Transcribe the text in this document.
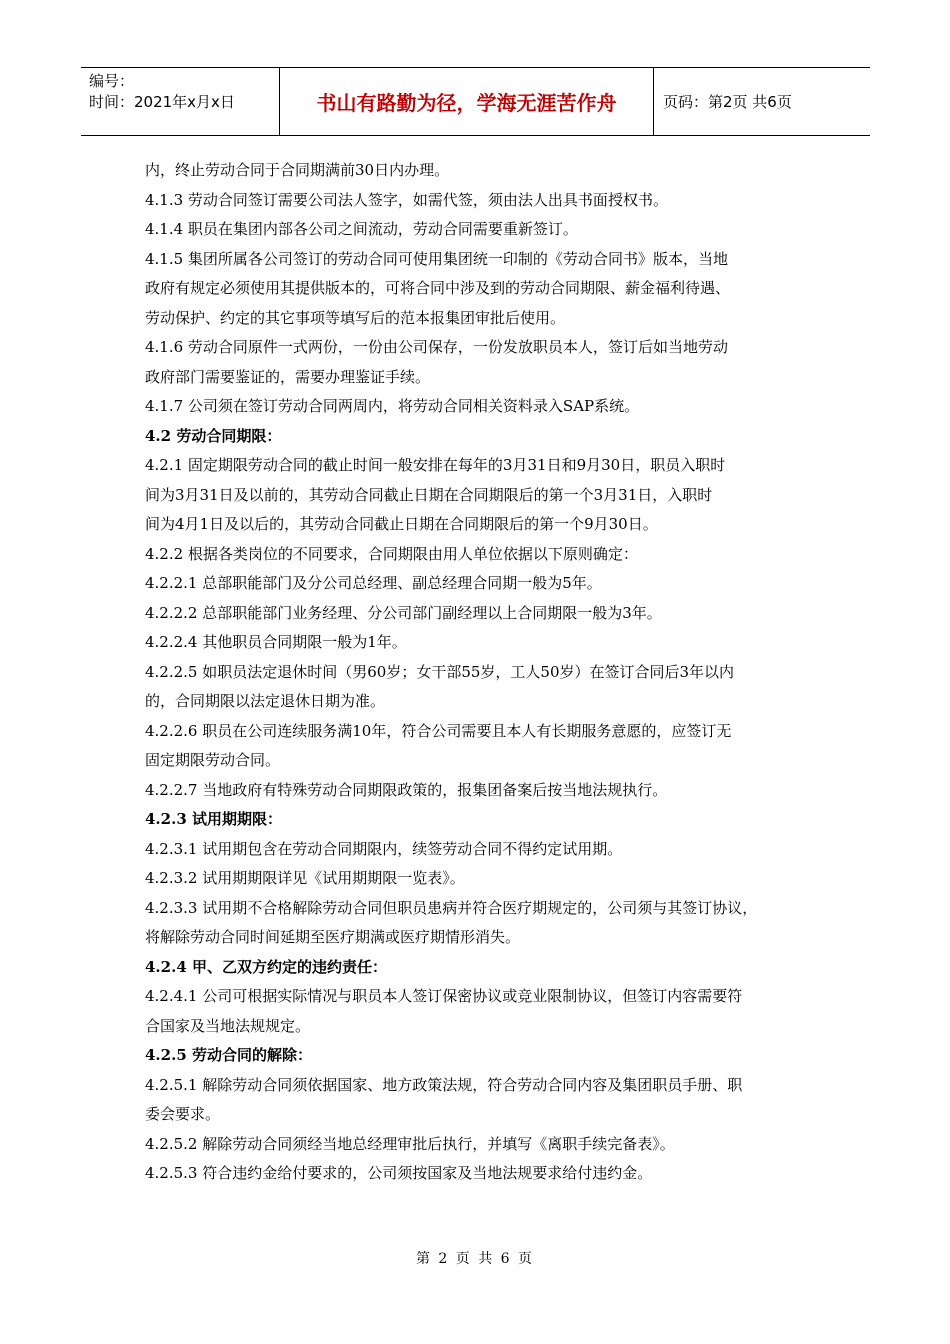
编号：
时间：2021年x月x日	书山有路勤为径，学海无涯苦作舟	页码：第2页 共6页
内，终止劳动合同于合同期满前30日内办理。
4.1.3 劳动合同签订需要公司法人签字，如需代签，须由法人出具书面授权书。
4.1.4 职员在集团内部各公司之间流动，劳动合同需要重新签订。
4.1.5 集团所属各公司签订的劳动合同可使用集团统一印制的《劳动合同书》版本，当地
政府有规定必须使用其提供版本的，可将合同中涉及到的劳动合同期限、薪金福利待遇、
劳动保护、约定的其它事项等填写后的范本报集团审批后使用。
4.1.6 劳动合同原件一式两份，一份由公司保存，一份发放职员本人，签订后如当地劳动
政府部门需要鉴证的，需要办理鉴证手续。
4.1.7 公司须在签订劳动合同两周内，将劳动合同相关资料录入SAP系统。
4.2 劳动合同期限：
4.2.1 固定期限劳动合同的截止时间一般安排在每年的3月31日和9月30日，职员入职时
间为3月31日及以前的，其劳动合同截止日期在合同期限后的第一个3月31日，入职时
间为4月1日及以后的，其劳动合同截止日期在合同期限后的第一个9月30日。
4.2.2 根据各类岗位的不同要求，合同期限由用人单位依据以下原则确定：
4.2.2.1 总部职能部门及分公司总经理、副总经理合同期一般为5年。
4.2.2.2 总部职能部门业务经理、分公司部门副经理以上合同期限一般为3年。
4.2.2.4 其他职员合同期限一般为1年。
4.2.2.5 如职员法定退休时间（男60岁；女干部55岁，工人50岁）在签订合同后3年以内
的，合同期限以法定退休日期为准。
4.2.2.6 职员在公司连续服务满10年，符合公司需要且本人有长期服务意愿的，应签订无
固定期限劳动合同。
4.2.2.7 当地政府有特殊劳动合同期限政策的，报集团备案后按当地法规执行。
4.2.3 试用期期限：
4.2.3.1 试用期包含在劳动合同期限内，续签劳动合同不得约定试用期。
4.2.3.2 试用期期限详见《试用期期限一览表》。
4.2.3.3 试用期不合格解除劳动合同但职员患病并符合医疗期规定的，公司须与其签订协议，
将解除劳动合同时间延期至医疗期满或医疗期情形消失。
4.2.4 甲、乙双方约定的违约责任：
4.2.4.1 公司可根据实际情况与职员本人签订保密协议或竞业限制协议，但签订内容需要符
合国家及当地法规规定。
4.2.5 劳动合同的解除：
4.2.5.1 解除劳动合同须依据国家、地方政策法规，符合劳动合同内容及集团职员手册、职
委会要求。
4.2.5.2 解除劳动合同须经当地总经理审批后执行，并填写《离职手续完备表》。
4.2.5.3 符合违约金给付要求的，公司须按国家及当地法规要求给付违约金。
第 2 页 共 6 页
